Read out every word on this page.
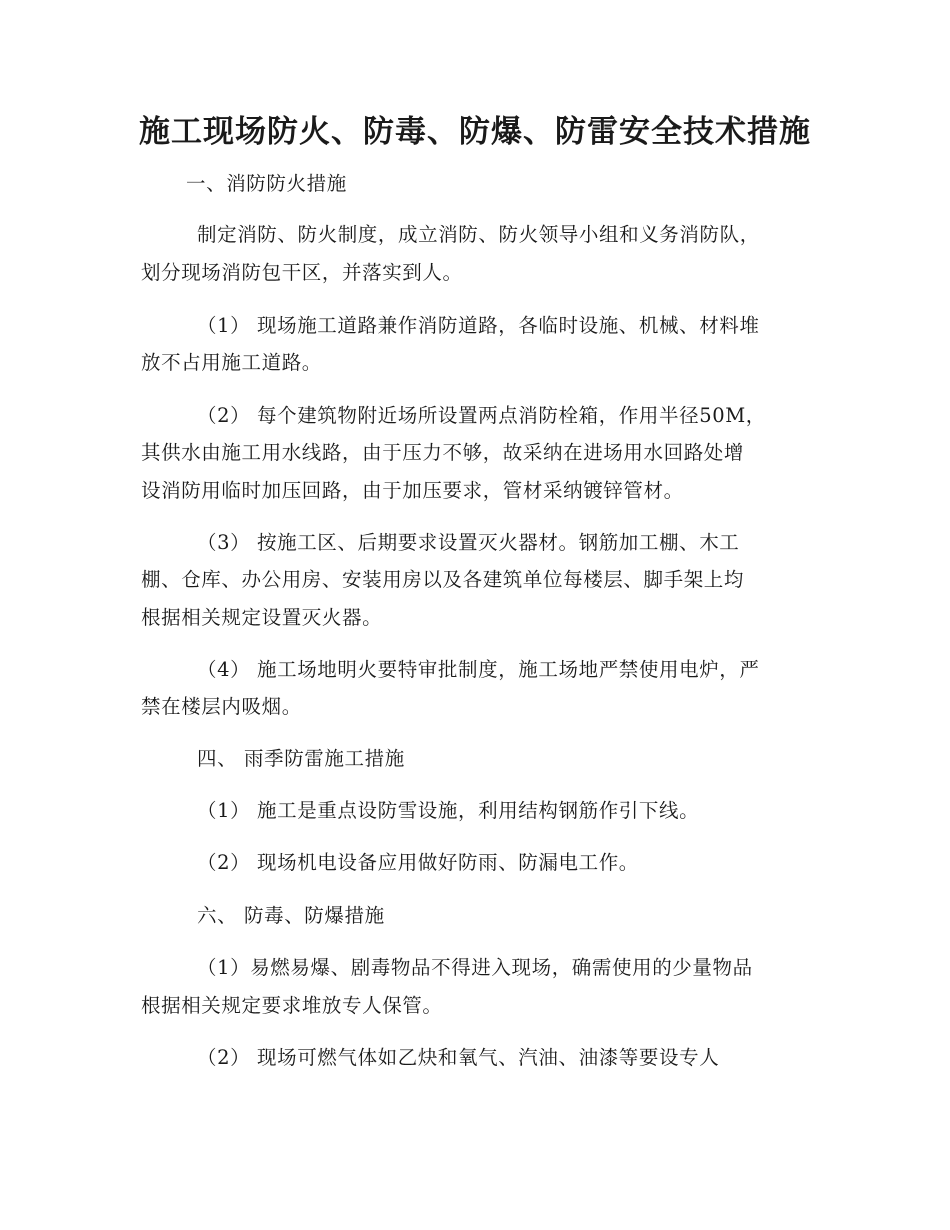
施工现场防火、防毒、防爆、防雷安全技术措施
一、消防防火措施
制定消防、防火制度，成立消防、防火领导小组和义务消防队，
划分现场消防包干区，并落实到人。
（1） 现场施工道路兼作消防道路，各临时设施、机械、材料堆
放不占用施工道路。
（2） 每个建筑物附近场所设置两点消防栓箱，作用半径50M，
其供水由施工用水线路，由于压力不够，故采纳在进场用水回路处增
设消防用临时加压回路，由于加压要求，管材采纳镀锌管材。
（3） 按施工区、后期要求设置灭火器材。钢筋加工棚、木工
棚、仓库、办公用房、安装用房以及各建筑单位每楼层、脚手架上均
根据相关规定设置灭火器。
（4） 施工场地明火要特审批制度，施工场地严禁使用电炉，严
禁在楼层内吸烟。
四、 雨季防雷施工措施
（1） 施工是重点设防雪设施，利用结构钢筋作引下线。
（2） 现场机电设备应用做好防雨、防漏电工作。
六、 防毒、防爆措施
（1）易燃易爆、剧毒物品不得进入现场，确需使用的少量物品
根据相关规定要求堆放专人保管。
（2） 现场可燃气体如乙炔和氧气、汽油、油漆等要设专人
